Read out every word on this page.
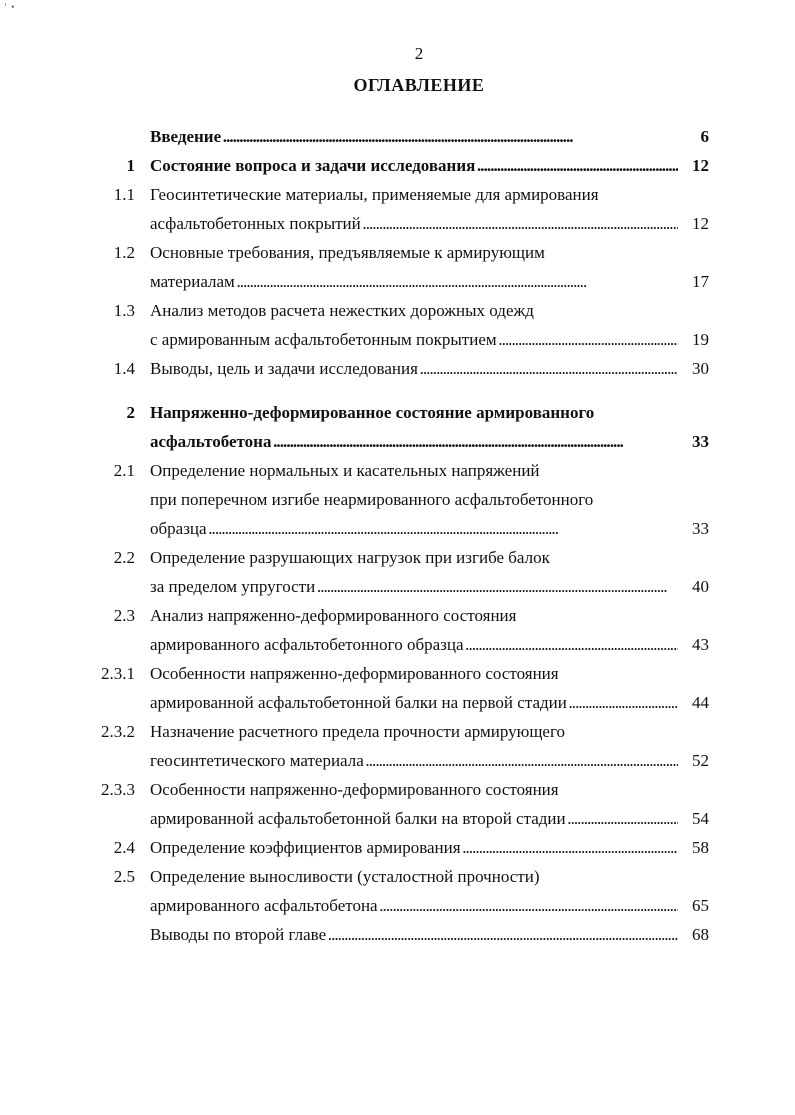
ʼ •
2
ОГЛАВЛЕНИЕ
Введение . . .	6
1 Состояние вопроса и задачи исследования . . .	12
1.1 Геосинтетические материалы, применяемые для армирования
асфальтобетонных покрытий . . .	12
1.2 Основные требования, предъявляемые к армирующим
материалам . . .	17
1.3 Анализ методов расчета нежестких дорожных одежд
с армированным асфальтобетонным покрытием . . .	19
1.4 Выводы, цель и задачи исследования . . .	30
2 Напряженно-деформированное состояние армированного
асфальтобетона . . .	33
2.1 Определение нормальных и касательных напряжений
при поперечном изгибе неармированного асфальтобетонного
образца . . .	33
2.2 Определение разрушающих нагрузок при изгибе балок
за пределом упругости . . .	40
2.3 Анализ напряженно-деформированного состояния
армированного асфальтобетонного образца . . .	43
2.3.1 Особенности напряженно-деформированного состояния
армированной асфальтобетонной балки на первой стадии . . .	44
2.3.2 Назначение расчетного предела прочности армирующего
геосинтетического материала . . .	52
2.3.3 Особенности напряженно-деформированного состояния
армированной асфальтобетонной балки на второй стадии . . .	54
2.4 Определение коэффициентов армирования . . .	58
2.5 Определение выносливости (усталостной прочности)
армированного асфальтобетона . . .	65
Выводы по второй главе . . .	68
